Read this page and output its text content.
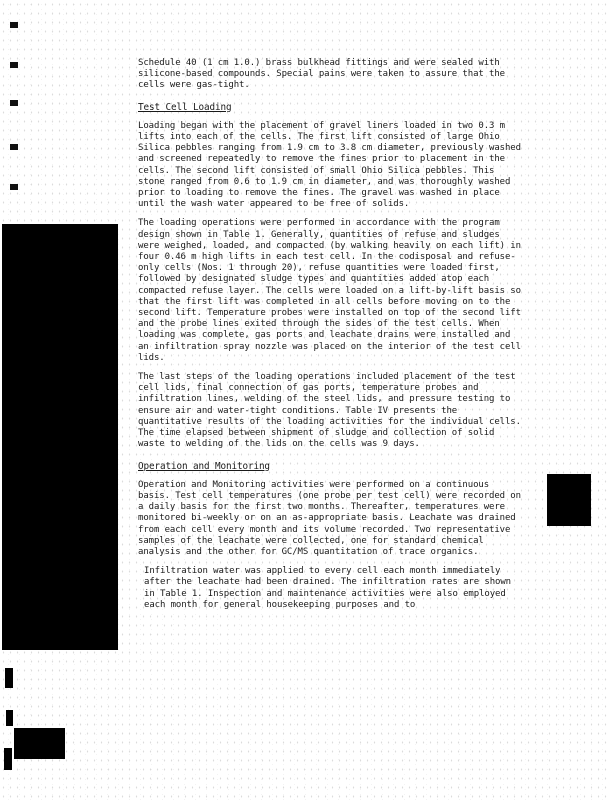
Schedule 40 (1 cm 1.0.) brass bulkhead fittings and were sealed with silicone-based compounds. Special pains were taken to assure that the cells were gas-tight.

Test Cell Loading

Loading began with the placement of gravel liners loaded in two 0.3 m lifts into each of the cells. The first lift consisted of large Ohio Silica pebbles ranging from 1.9 cm to 3.8 cm diameter, previously washed and screened repeatedly to remove the fines prior to placement in the cells. The second lift consisted of small Ohio Silica pebbles. This stone ranged from 0.6 to 1.9 cm in diameter, and was thoroughly washed prior to loading to remove the fines. The gravel was washed in place until the wash water appeared to be free of solids.

The loading operations were performed in accordance with the program design shown in Table 1. Generally, quantities of refuse and sludges were weighed, loaded, and compacted (by walking heavily on each lift) in four 0.46 m high lifts in each test cell. In the codisposal and refuse-only cells (Nos. 1 through 20), refuse quantities were loaded first, followed by designated sludge types and quantities added atop each compacted refuse layer. The cells were loaded on a lift-by-lift basis so that the first lift was completed in all cells before moving on to the second lift. Temperature probes were installed on top of the second lift and the probe lines exited through the sides of the test cells. When loading was complete, gas ports and leachate drains were installed and an infiltration spray nozzle was placed on the interior of the test cell lids.

The last steps of the loading operations included placement of the test cell lids, final connection of gas ports, temperature probes and infiltration lines, welding of the steel lids, and pressure testing to ensure air and water-tight conditions. Table IV presents the quantitative results of the loading activities for the individual cells. The time elapsed between shipment of sludge and collection of solid waste to welding of the lids on the cells was 9 days.

Operation and Monitoring

Operation and Monitoring activities were performed on a continuous basis. Test cell temperatures (one probe per test cell) were recorded on a daily basis for the first two months. Thereafter, temperatures were monitored bi-weekly or on an as-appropriate basis. Leachate was drained from each cell every month and its volume recorded. Two representative samples of the leachate were collected, one for standard chemical analysis and the other for GC/MS quantitation of trace organics.

Infiltration water was applied to every cell each month immediately after the leachate had been drained. The infiltration rates are shown in Table 1. Inspection and maintenance activities were also employed each month for general housekeeping purposes and to
